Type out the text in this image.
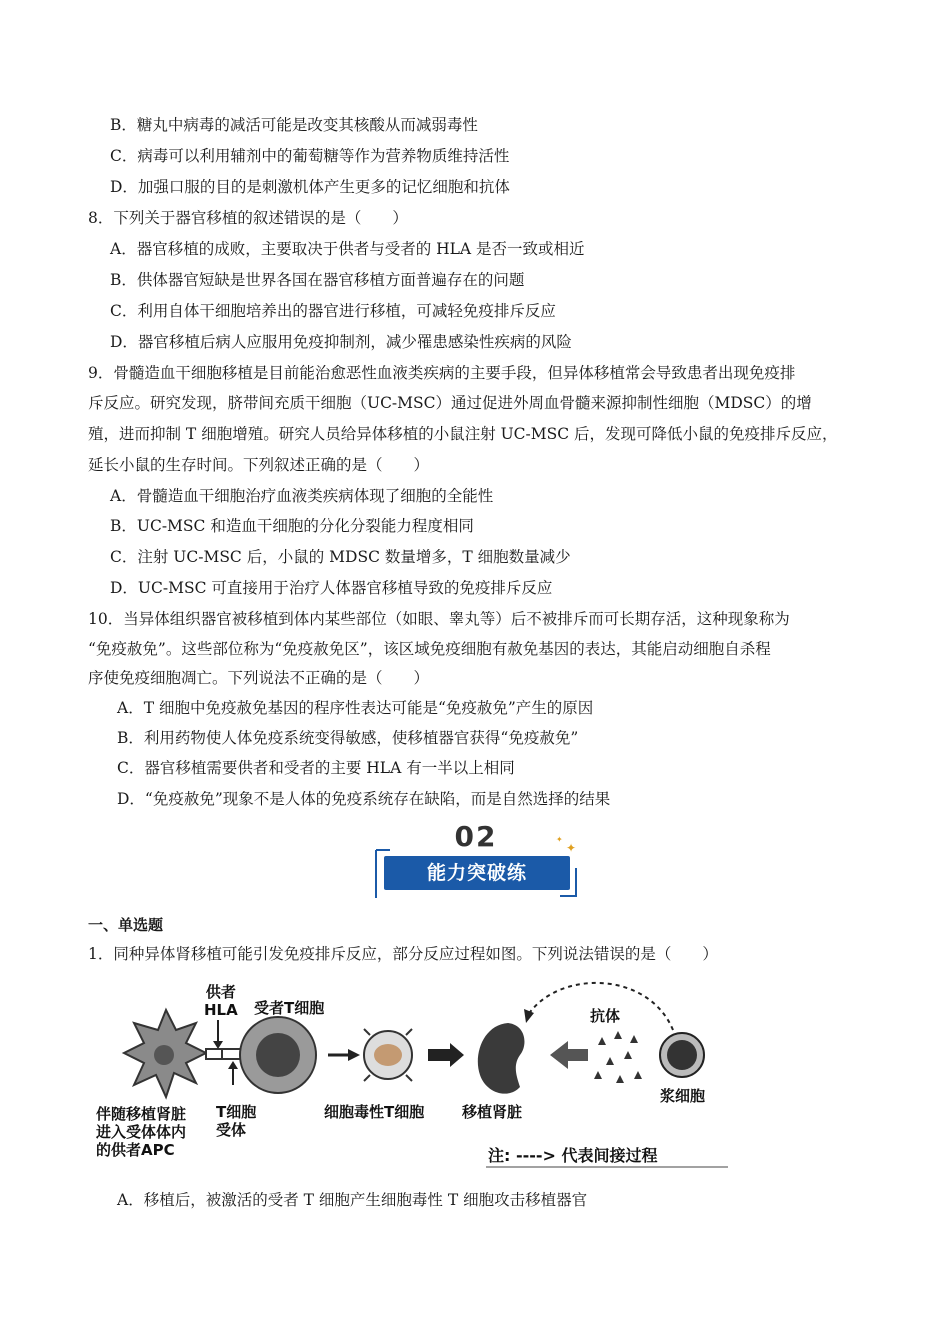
B．糖丸中病毒的减活可能是改变其核酸从而减弱毒性
C．病毒可以利用辅剂中的葡萄糖等作为营养物质维持活性
D．加强口服的目的是刺激机体产生更多的记忆细胞和抗体
8．下列关于器官移植的叙述错误的是（　　）
A．器官移植的成败，主要取决于供者与受者的 HLA 是否一致或相近
B．供体器官短缺是世界各国在器官移植方面普遍存在的问题
C．利用自体干细胞培养出的器官进行移植，可减轻免疫排斥反应
D．器官移植后病人应服用免疫抑制剂，减少罹患感染性疾病的风险
9．骨髓造血干细胞移植是目前能治愈恶性血液类疾病的主要手段，但异体移植常会导致患者出现免疫排
斥反应。研究发现，脐带间充质干细胞（UC-MSC）通过促进外周血骨髓来源抑制性细胞（MDSC）的增
殖，进而抑制 T 细胞增殖。研究人员给异体移植的小鼠注射 UC-MSC 后，发现可降低小鼠的免疫排斥反应，
延长小鼠的生存时间。下列叙述正确的是（　　）
A．骨髓造血干细胞治疗血液类疾病体现了细胞的全能性
B．UC-MSC 和造血干细胞的分化分裂能力程度相同
C．注射 UC-MSC 后，小鼠的 MDSC 数量增多，T 细胞数量减少
D．UC-MSC 可直接用于治疗人体器官移植导致的免疫排斥反应
10．当异体组织器官被移植到体内某些部位（如眼、睾丸等）后不被排斥而可长期存活，这种现象称为
“免疫赦免”。这些部位称为“免疫赦免区”，该区域免疫细胞有赦免基因的表达，其能启动细胞自杀程
序使免疫细胞凋亡。下列说法不正确的是（　　）
A．T 细胞中免疫赦免基因的程序性表达可能是“免疫赦免”产生的原因
B．利用药物使人体免疫系统变得敏感，使移植器官获得“免疫赦免”
C．器官移植需要供者和受者的主要 HLA 有一半以上相同
D．“免疫赦免”现象不是人体的免疫系统存在缺陷，而是自然选择的结果
02	✦
✦
能力突破练
一、单选题
1．同种异体肾移植可能引发免疫排斥反应，部分反应过程如图。下列说法错误的是（　　）
供者
HLA 受者T细胞
T细胞
受体
伴随移植肾脏
进入受体体内
的供者APC
细胞毒性T细胞	移植肾脏
抗体
浆细胞
注: ----> 代表间接过程
A．移植后，被激活的受者 T 细胞产生细胞毒性 T 细胞攻击移植器官
